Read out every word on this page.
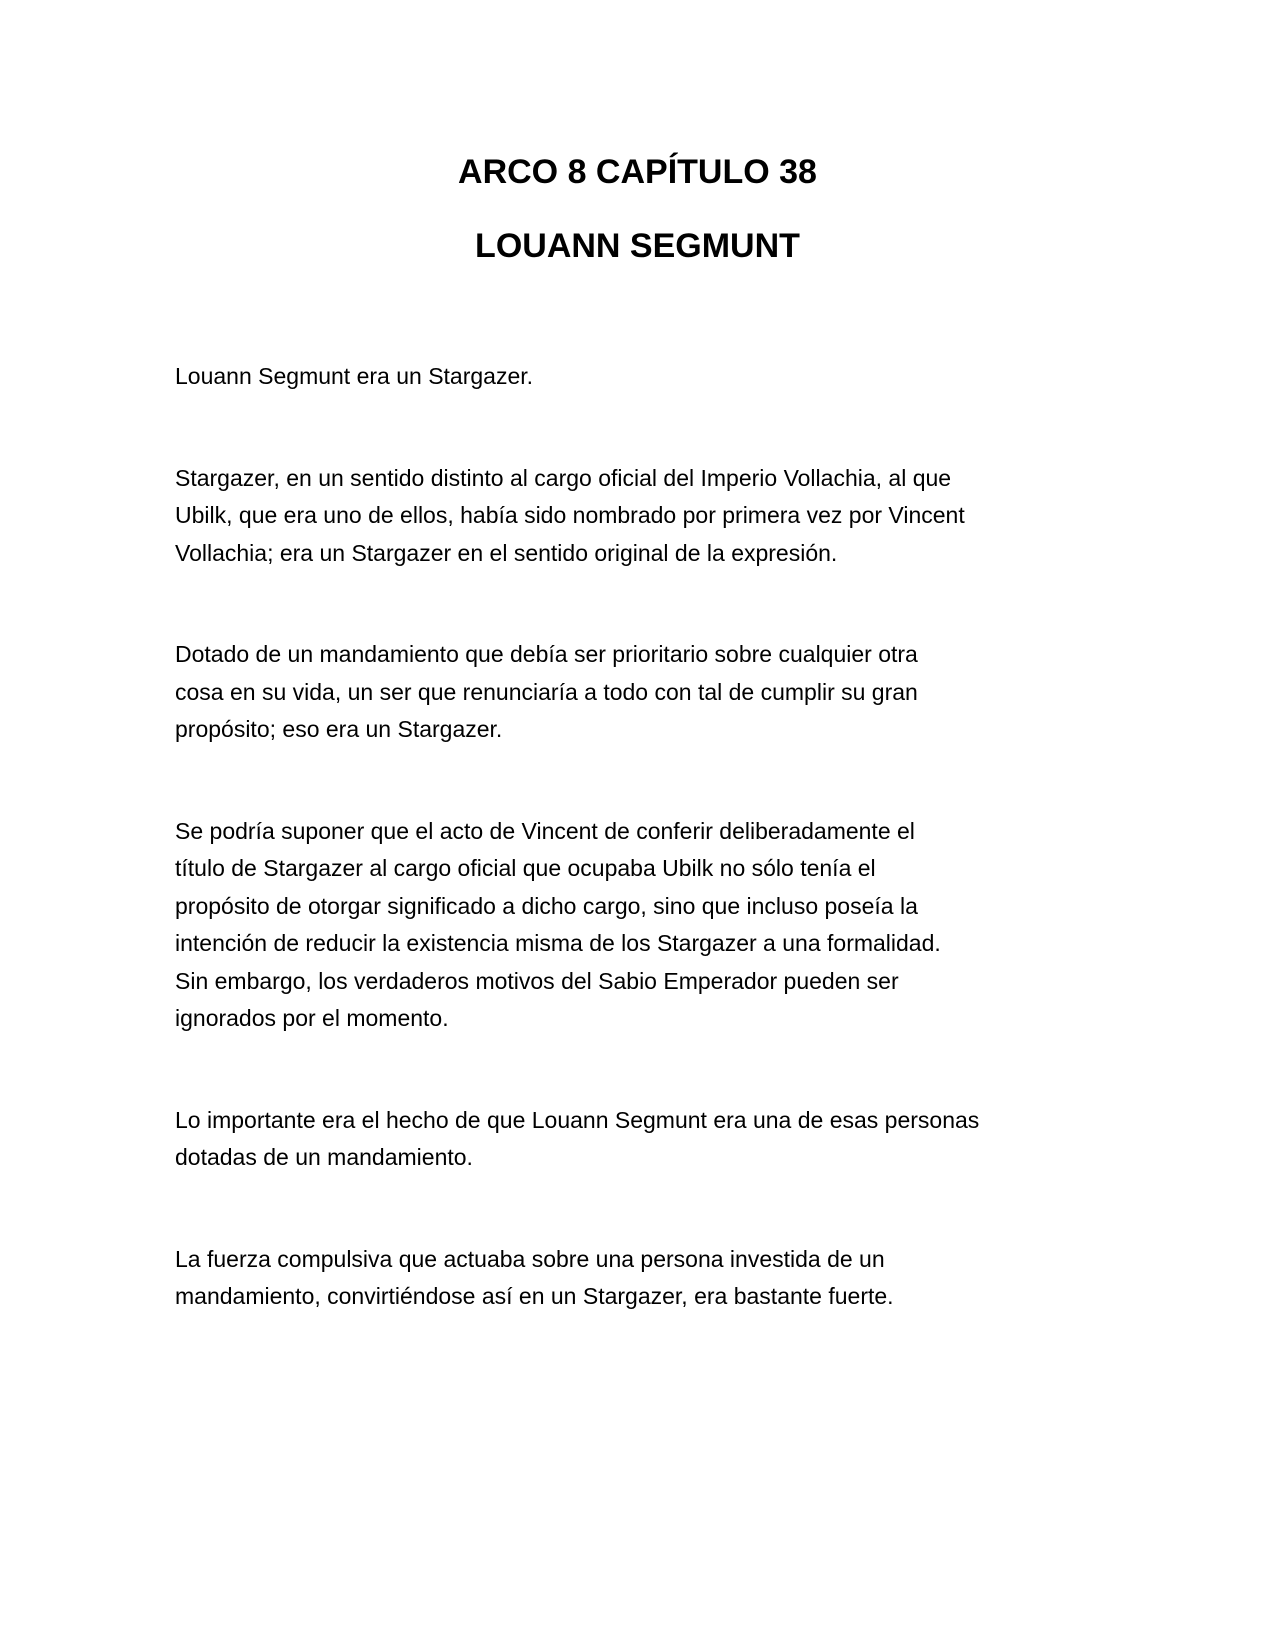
ARCO 8 CAPÍTULO 38
LOUANN SEGMUNT

Louann Segmunt era un Stargazer.

Stargazer, en un sentido distinto al cargo oficial del Imperio Vollachia, al que
Ubilk, que era uno de ellos, había sido nombrado por primera vez por Vincent
Vollachia; era un Stargazer en el sentido original de la expresión.

Dotado de un mandamiento que debía ser prioritario sobre cualquier otra
cosa en su vida, un ser que renunciaría a todo con tal de cumplir su gran
propósito; eso era un Stargazer.

Se podría suponer que el acto de Vincent de conferir deliberadamente el
título de Stargazer al cargo oficial que ocupaba Ubilk no sólo tenía el
propósito de otorgar significado a dicho cargo, sino que incluso poseía la
intención de reducir la existencia misma de los Stargazer a una formalidad.
Sin embargo, los verdaderos motivos del Sabio Emperador pueden ser
ignorados por el momento.

Lo importante era el hecho de que Louann Segmunt era una de esas personas
dotadas de un mandamiento.

La fuerza compulsiva que actuaba sobre una persona investida de un
mandamiento, convirtiéndose así en un Stargazer, era bastante fuerte.
